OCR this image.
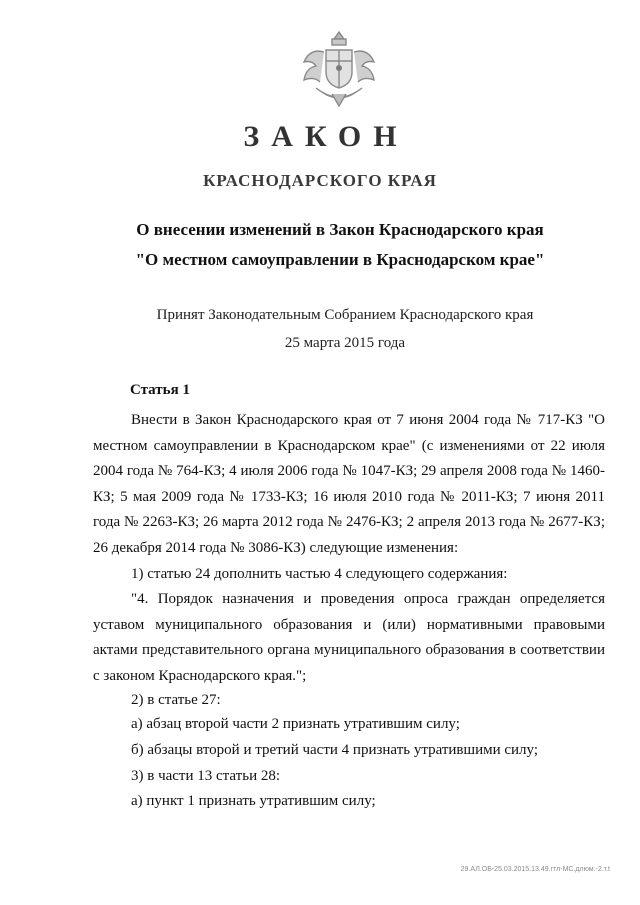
ЗАКОН
КРАСНОДАРСКОГО КРАЯ
О внесении изменений в Закон Краснодарского края
"О местном самоуправлении в Краснодарском крае"
Принят Законодательным Собранием Краснодарского края
25 марта 2015 года
Статья 1
Внести в Закон Краснодарского края от 7 июня 2004 года № 717-КЗ "О местном самоуправлении в Краснодарском крае" (с изменениями от 22 июля 2004 года № 764-КЗ; 4 июля 2006 года № 1047-КЗ; 29 апреля 2008 года № 1460-КЗ; 5 мая 2009 года № 1733-КЗ; 16 июля 2010 года № 2011-КЗ; 7 июня 2011 года № 2263-КЗ; 26 марта 2012 года № 2476-КЗ; 2 апреля 2013 года № 2677-КЗ; 26 декабря 2014 года № 3086-КЗ) следующие изменения:
1) статью 24 дополнить частью 4 следующего содержания:
"4. Порядок назначения и проведения опроса граждан определяется уставом муниципального образования и (или) нормативными правовыми актами представительного органа муниципального образования в соответствии с законом Краснодарского края.";
2) в статье 27:
а) абзац второй части 2 признать утратившим силу;
б) абзацы второй и третий части 4 признать утратившими силу;
3) в части 13 статьи 28:
а) пункт 1 признать утратившим силу;
29.АЛ.ОБ-25.03.2015.13.49.гтл-МС.длюм.-2.т.t
